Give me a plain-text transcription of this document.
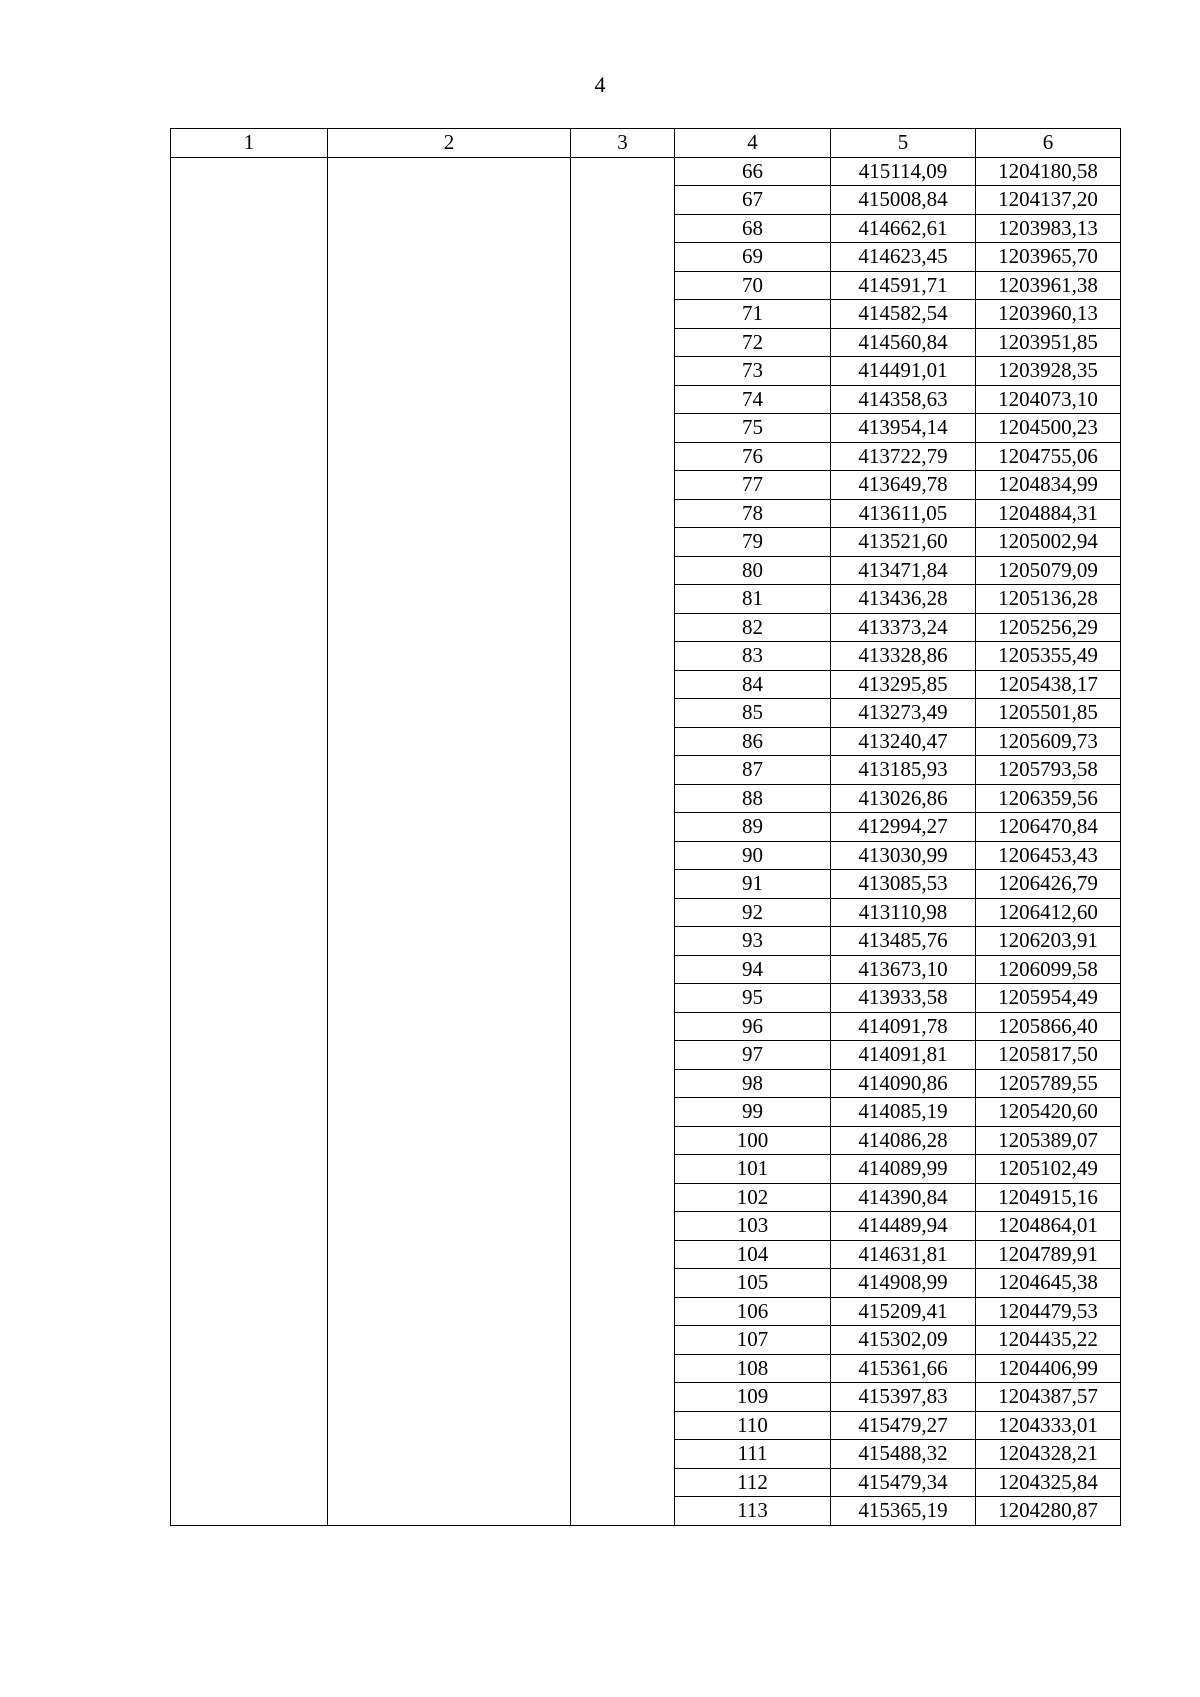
4
1	2	3	4	5	6
			66	415114,09	1204180,58
			67	415008,84	1204137,20
			68	414662,61	1203983,13
			69	414623,45	1203965,70
			70	414591,71	1203961,38
			71	414582,54	1203960,13
			72	414560,84	1203951,85
			73	414491,01	1203928,35
			74	414358,63	1204073,10
			75	413954,14	1204500,23
			76	413722,79	1204755,06
			77	413649,78	1204834,99
			78	413611,05	1204884,31
			79	413521,60	1205002,94
			80	413471,84	1205079,09
			81	413436,28	1205136,28
			82	413373,24	1205256,29
			83	413328,86	1205355,49
			84	413295,85	1205438,17
			85	413273,49	1205501,85
			86	413240,47	1205609,73
			87	413185,93	1205793,58
			88	413026,86	1206359,56
			89	412994,27	1206470,84
			90	413030,99	1206453,43
			91	413085,53	1206426,79
			92	413110,98	1206412,60
			93	413485,76	1206203,91
			94	413673,10	1206099,58
			95	413933,58	1205954,49
			96	414091,78	1205866,40
			97	414091,81	1205817,50
			98	414090,86	1205789,55
			99	414085,19	1205420,60
			100	414086,28	1205389,07
			101	414089,99	1205102,49
			102	414390,84	1204915,16
			103	414489,94	1204864,01
			104	414631,81	1204789,91
			105	414908,99	1204645,38
			106	415209,41	1204479,53
			107	415302,09	1204435,22
			108	415361,66	1204406,99
			109	415397,83	1204387,57
			110	415479,27	1204333,01
			111	415488,32	1204328,21
			112	415479,34	1204325,84
			113	415365,19	1204280,87
